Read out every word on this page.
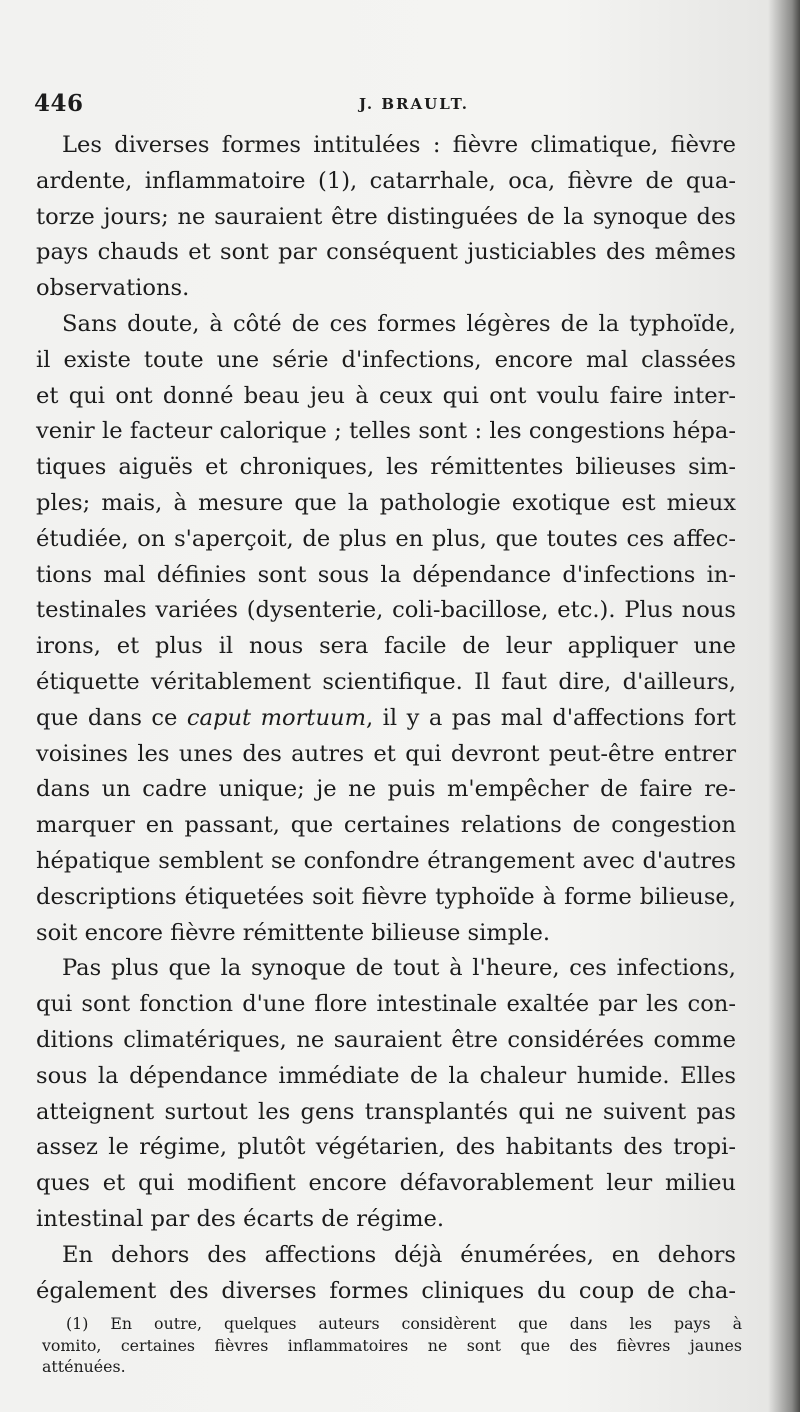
446	J. BRAULT.
Les diverses formes intitulées : fièvre climatique, fièvre
ardente, inflammatoire (1), catarrhale, oca, fièvre de qua-
torze jours; ne sauraient être distinguées de la synoque des
pays chauds et sont par conséquent justiciables des mêmes
observations.
Sans doute, à côté de ces formes légères de la typhoïde,
il existe toute une série d'infections, encore mal classées
et qui ont donné beau jeu à ceux qui ont voulu faire inter-
venir le facteur calorique ; telles sont : les congestions hépa-
tiques aiguës et chroniques, les rémittentes bilieuses sim-
ples; mais, à mesure que la pathologie exotique est mieux
étudiée, on s'aperçoit, de plus en plus, que toutes ces affec-
tions mal définies sont sous la dépendance d'infections in-
testinales variées (dysenterie, coli-bacillose, etc.). Plus nous
irons, et plus il nous sera facile de leur appliquer une
étiquette véritablement scientifique. Il faut dire, d'ailleurs,
que dans ce caput mortuum, il y a pas mal d'affections fort
voisines les unes des autres et qui devront peut-être entrer
dans un cadre unique; je ne puis m'empêcher de faire re-
marquer en passant, que certaines relations de congestion
hépatique semblent se confondre étrangement avec d'autres
descriptions étiquetées soit fièvre typhoïde à forme bilieuse,
soit encore fièvre rémittente bilieuse simple.
Pas plus que la synoque de tout à l'heure, ces infections,
qui sont fonction d'une flore intestinale exaltée par les con-
ditions climatériques, ne sauraient être considérées comme
sous la dépendance immédiate de la chaleur humide. Elles
atteignent surtout les gens transplantés qui ne suivent pas
assez le régime, plutôt végétarien, des habitants des tropi-
ques et qui modifient encore défavorablement leur milieu
intestinal par des écarts de régime.
En dehors des affections déjà énumérées, en dehors
également des diverses formes cliniques du coup de cha-
(1) En outre, quelques auteurs considèrent que dans les pays à
vomito, certaines fièvres inflammatoires ne sont que des fièvres jaunes
atténuées.
